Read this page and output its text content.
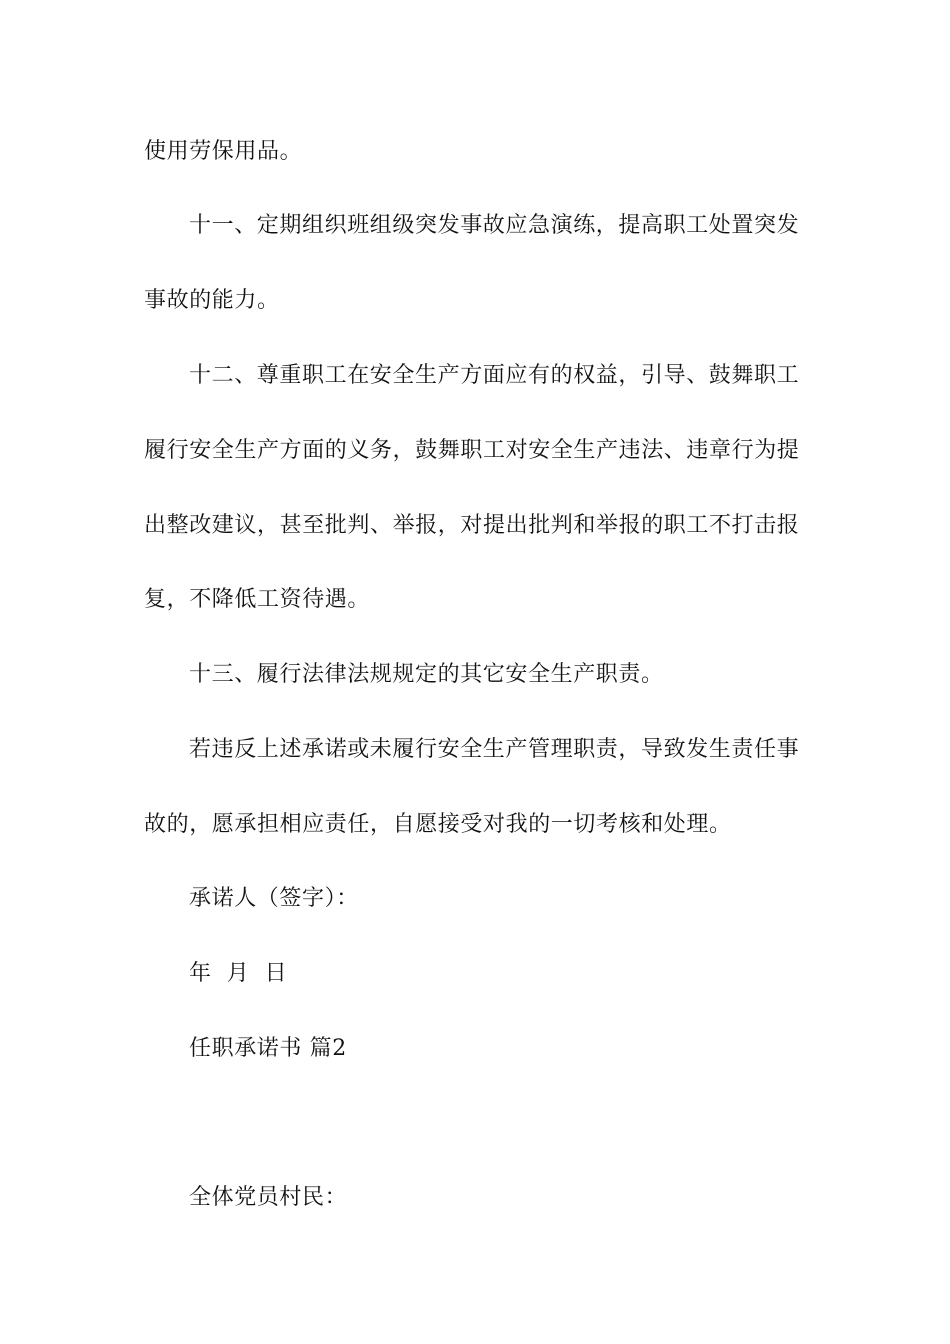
使用劳保用品。
十一、定期组织班组级突发事故应急演练，提高职工处置突发
事故的能力。
十二、尊重职工在安全生产方面应有的权益，引导、鼓舞职工
履行安全生产方面的义务，鼓舞职工对安全生产违法、违章行为提
出整改建议，甚至批判、举报，对提出批判和举报的职工不打击报
复，不降低工资待遇。
十三、履行法律法规规定的其它安全生产职责。
若违反上述承诺或未履行安全生产管理职责，导致发生责任事
故的，愿承担相应责任，自愿接受对我的一切考核和处理。
承诺人（签字）：
年  月  日
任职承诺书 篇2
全体党员村民：
